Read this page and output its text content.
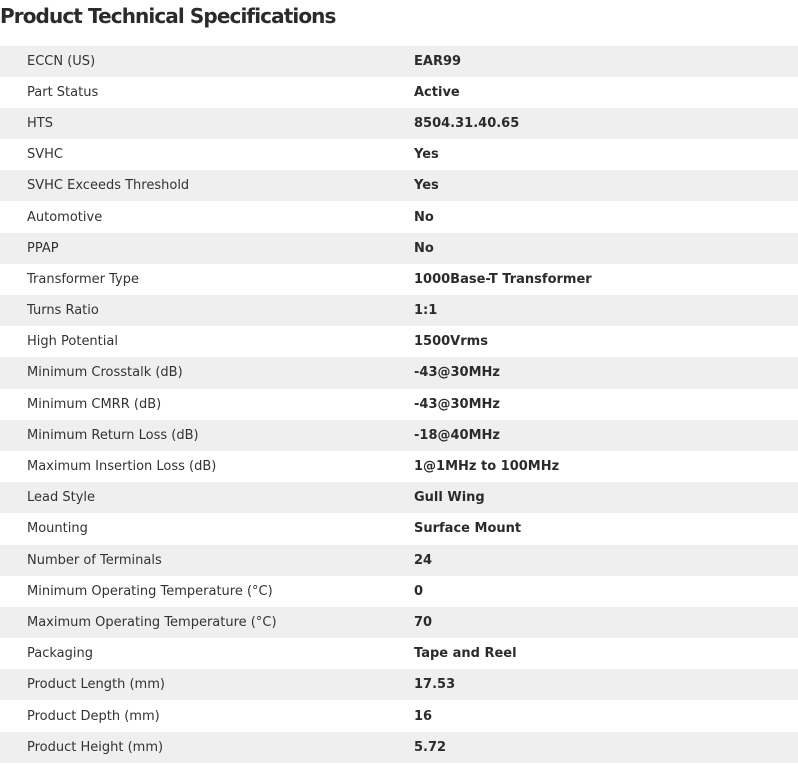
Product Technical Specifications
ECCN (US)	EAR99
Part Status	Active
HTS	8504.31.40.65
SVHC	Yes
SVHC Exceeds Threshold	Yes
Automotive	No
PPAP	No
Transformer Type	1000Base-T Transformer
Turns Ratio	1:1
High Potential	1500Vrms
Minimum Crosstalk (dB)	-43@30MHz
Minimum CMRR (dB)	-43@30MHz
Minimum Return Loss (dB)	-18@40MHz
Maximum Insertion Loss (dB)	1@1MHz to 100MHz
Lead Style	Gull Wing
Mounting	Surface Mount
Number of Terminals	24
Minimum Operating Temperature (°C)	0
Maximum Operating Temperature (°C)	70
Packaging	Tape and Reel
Product Length (mm)	17.53
Product Depth (mm)	16
Product Height (mm)	5.72
